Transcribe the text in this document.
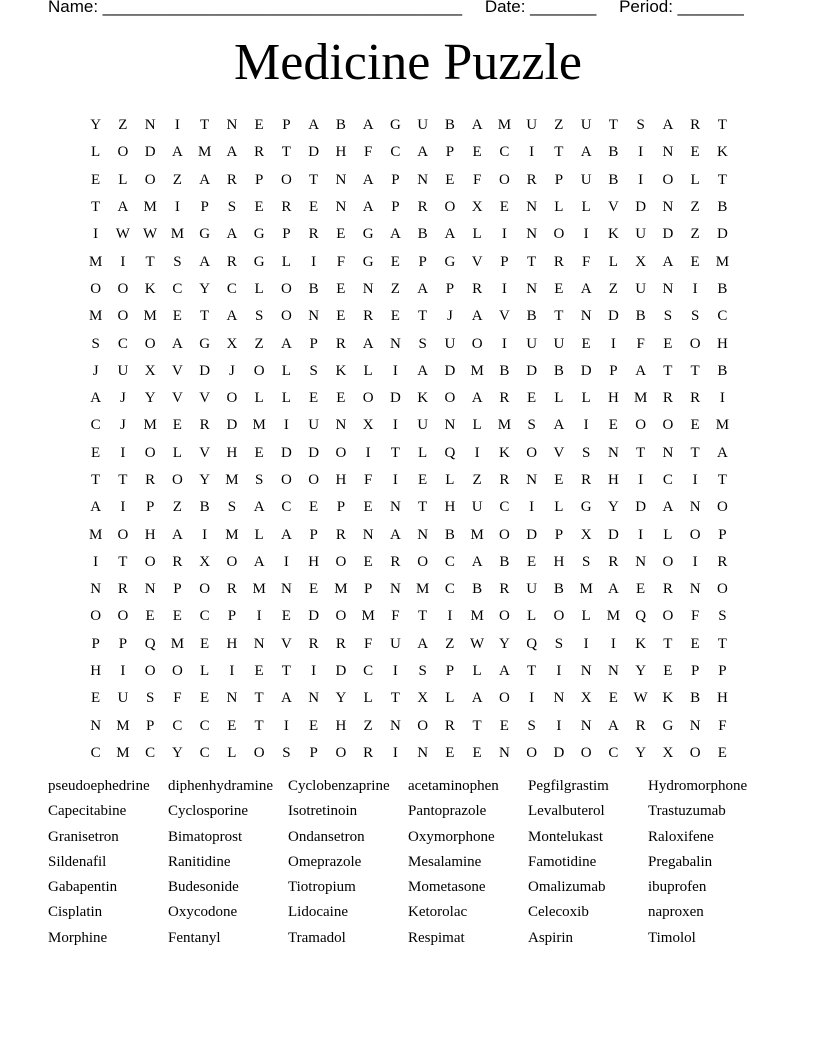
Name: ______________________________________ Date: _______ Period: _______
Medicine Puzzle
Y	Z	N	I	T	N	E	P	A	B	A	G	U	B	A	M	U	Z	U	T	S	A	R	T
L	O	D	A	M	A	R	T	D	H	F	C	A	P	E	C	I	T	A	B	I	N	E	K
E	L	O	Z	A	R	P	O	T	N	A	P	N	E	F	O	R	P	U	B	I	O	L	T
T	A	M	I	P	S	E	R	E	N	A	P	R	O	X	E	N	L	L	V	D	N	Z	B
I	W W M	G	A	G	P	R	E	G	A	B	A	L	I	N	O	I	K	U	D	Z	D
M	I	T	S	A	R	G	L	I	F	G	E	P	G	V	P	T	R	F	L	X	A	E	M
O	O	K	C	Y	C	L	O	B	E	N	Z	A	P	R	I	N	E	A	Z	U	N	I	B
M	O	M	E	T	A	S	O	N	E	R	E	T	J	A	V	B	T	N	D	B	S	S	C
S	C	O	A	G	X	Z	A	P	R	A	N	S	U	O	I	U	U	E	I	F	E	O	H
J	U	X	V	D	J	O	L	S	K	L	I	A	D	M	B	D	B	D	P	A	T	T	B
A	J	Y	V	V	O	L	L	E	E	O	D	K	O	A	R	E	L	L	H	M	R	R	I
C	J	M	E	R	D	M	I	U	N	X	I	U	N	L	M	S	A	I	E	O	O	E	M
E	I	O	L	V	H	E	D	D	O	I	T	L	Q	I	K	O	V	S	N	T	N	T	A
T	T	R	O	Y	M	S	O	O	H	F	I	E	L	Z	R	N	E	R	H	I	C	I	T
A	I	P	Z	B	S	A	C	E	P	E	N	T	H	U	C	I	L	G	Y	D	A	N	O
M	O	H	A	I	M	L	A	P	R	N	A	N	B	M	O	D	P	X	D	I	L	O	P
I	T	O	R	X	O	A	I	H	O	E	R	O	C	A	B	E	H	S	R	N	O	I	R
N	R	N	P	O	R	M	N	E	M	P	N	M	C	B	R	U	B	M	A	E	R	N	O
O	O	E	E	C	P	I	E	D	O	M	F	T	I	M	O	L	O	L	M	Q	O	F	S
P	P	Q	M	E	H	N	V	R	R	F	U	A	Z	W Y	Q	S	I	I	K	T	E	T
H	I	O	O	L	I	E	T	I	D	C	I	S	P	L	A	T	I	N	N	Y	E	P	P
E	U	S	F	E	N	T	A	N	Y	L	T	X	L	A	O	I	N	X	E	W K	B	H
N	M	P	C	C	E	T	I	E	H	Z	N	O	R	T	E	S	I	N	A	R	G	N	F
C	M	C	Y	C	L	O	S	P	O	R	I	N	E	E	N	O	D	O	C	Y	X	O	E
pseudoephedrine	diphenhydramine	Cyclobenzaprine	acetaminophen	Pegfilgrastim	Hydromorphone
Capecitabine	Cyclosporine	Isotretinoin	Pantoprazole	Levalbuterol	Trastuzumab
Granisetron	Bimatoprost	Ondansetron	Oxymorphone	Montelukast	Raloxifene
Sildenafil	Ranitidine	Omeprazole	Mesalamine	Famotidine	Pregabalin
Gabapentin	Budesonide	Tiotropium	Mometasone	Omalizumab	ibuprofen
Cisplatin	Oxycodone	Lidocaine	Ketorolac	Celecoxib	naproxen
Morphine	Fentanyl	Tramadol	Respimat	Aspirin	Timolol
